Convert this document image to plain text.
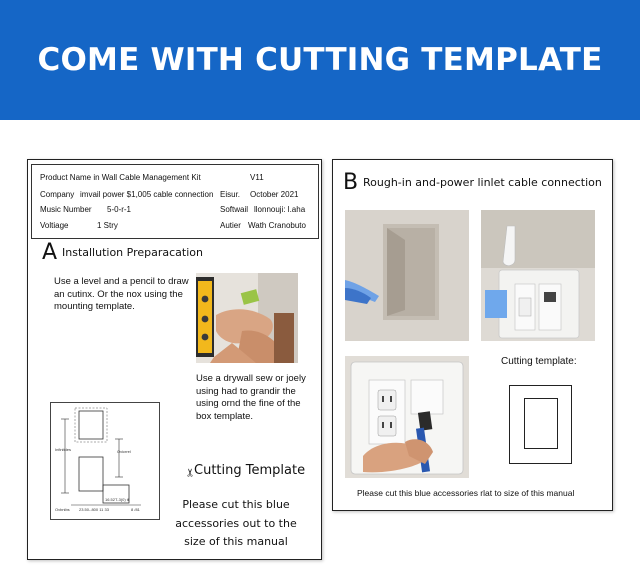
COME WITH CUTTING TEMPLATE
Product Name in Wall Cable Management Kit	V11
Company imvail power $1,005 cable connection Eisur. October 2021
Music Number 5-0-r-1	Softwail llonnouji: l.aha
Voltiage	1 Stry	Autier Wath Cranobuto
A Installution Preparacation
Use a level and a pencil to draw an cutinx. Or the nox using the mounting template.
Use a drywall sew or joely using had to grandir the using ornd the fine of the box template.
Infinitdes	Ovicrrel
Ovbnibs 23.50-.800 11 33
16.52T-3(0) tl
8 /81
✂
Cutting Template
Please cut this blue accessories out to the size of this manual
B Rough-in and-power linlet cable connection
Cutting template:
Please cut this blue accessories rlat to size of this manual
